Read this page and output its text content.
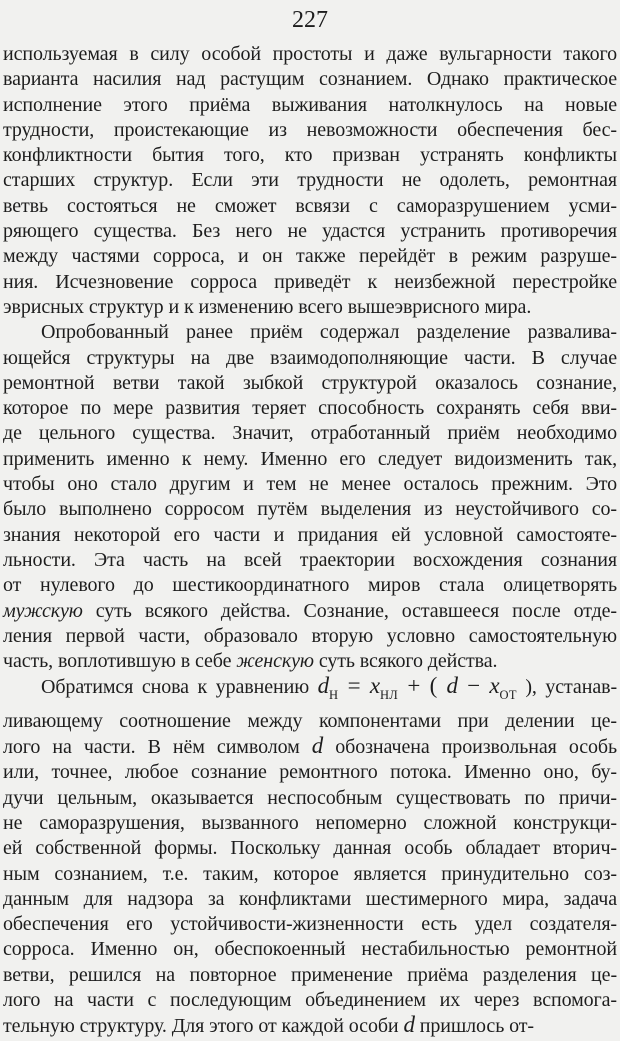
227
используемая в силу особой простоты и даже вульгарности такого
варианта насилия над растущим сознанием. Однако практическое
исполнение этого приёма выживания натолкнулось на новые
трудности, проистекающие из невозможности обеспечения бес-
конфликтности бытия того, кто призван устранять конфликты
старших структур. Если эти трудности не одолеть, ремонтная
ветвь состояться не сможет всвязи с саморазрушением усми-
ряющего существа. Без него не удастся устранить противоречия
между частями сорроса, и он также перейдёт в режим разруше-
ния. Исчезновение сорроса приведёт к неизбежной перестройке
эврисных структур и к изменению всего вышеэврисного мира.
Опробованный ранее приём содержал разделение развалива-
ющейся структуры на две взаимодополняющие части. В случае
ремонтной ветви такой зыбкой структурой оказалось сознание,
которое по мере развития теряет способность сохранять себя вви-
де цельного существа. Значит, отработанный приём необходимо
применить именно к нему. Именно его следует видоизменить так,
чтобы оно стало другим и тем не менее осталось прежним. Это
было выполнено сорросом путём выделения из неустойчивого со-
знания некоторой его части и придания ей условной самостояте-
льности. Эта часть на всей траектории восхождения сознания
от нулевого до шестикоординатного миров стала олицетворять
мужскую суть всякого действа. Сознание, оставшееся после отде-
ления первой части, образовало вторую условно самостоятельную
часть, воплотившую в себе женскую суть всякого действа.
Обратимся снова к уравнению $d_Н = x_{НЛ}$ + ( $d - x_{ОТ}$ ), устанав-
ливающему соотношение между компонентами при делении це-
лого на части. В нём символом d обозначена произвольная особь
или, точнее, любое сознание ремонтного потока. Именно оно, бу-
дучи цельным, оказывается неспособным существовать по причи-
не саморазрушения, вызванного непомерно сложной конструкци-
ей собственной формы. Поскольку данная особь обладает вторич-
ным сознанием, т.е. таким, которое является принудительно соз-
данным для надзора за конфликтами шестимерного мира, задача
обеспечения его устойчивости-жизненности есть удел создателя-
сорроса. Именно он, обеспокоенный нестабильностью ремонтной
ветви, решился на повторное применение приёма разделения це-
лого на части с последующим объединением их через вспомога-
тельную структуру. Для этого от каждой особи d пришлось от-
